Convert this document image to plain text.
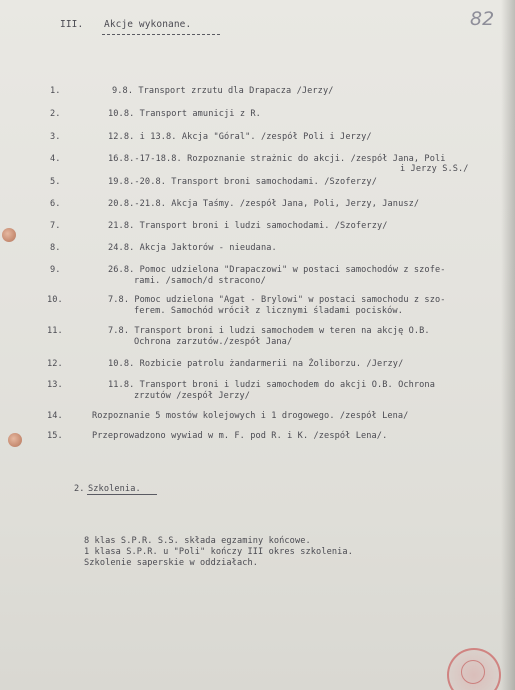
82
III. Akcje wykonane.
1.	9.8. Transport zrzutu dla Drapacza /Jerzy/
2.	10.8. Transport amunicji z R.
3.	12.8. i 13.8. Akcja "Góral". /zespół Poli i Jerzy/
4.	16.8.-17-18.8. Rozpoznanie strażnic do akcji. /zespół Jana, Poli
i Jerzy S.S./
5.	19.8.-20.8. Transport broni samochodami. /Szoferzy/
6.	20.8.-21.8. Akcja Taśmy. /zespół Jana, Poli, Jerzy, Janusz/
7.	21.8. Transport broni i ludzi samochodami. /Szoferzy/
8.	24.8. Akcja Jaktorów - nieudana.
9.	26.8. Pomoc udzielona "Drapaczowi" w postaci samochodów z szofe-
rami. /samoch/d stracono/
10.	7.8. Pomoc udzielona "Agat - Brylowi" w postaci samochodu z szo-
ferem. Samochód wrócił z licznymi śladami pocisków.
11.	7.8. Transport broni i ludzi samochodem w teren na akcję O.B.
Ochrona zarzutów./zespół Jana/
12.	10.8. Rozbicie patrolu żandarmerii na Żoliborzu. /Jerzy/
13.	11.8. Transport broni i ludzi samochodem do akcji O.B. Ochrona
zrzutów /zespół Jerzy/
14.	Rozpoznanie 5 mostów kolejowych i 1 drogowego. /zespół Lena/
15.	Przeprowadzono wywiad w m. F. pod R. i K. /zespół Lena/.
2. Szkolenia.
8 klas S.P.R. S.S. składa egzaminy końcowe.
1 klasa S.P.R. u "Poli" kończy III okres szkolenia.
Szkolenie saperskie w oddziałach.
